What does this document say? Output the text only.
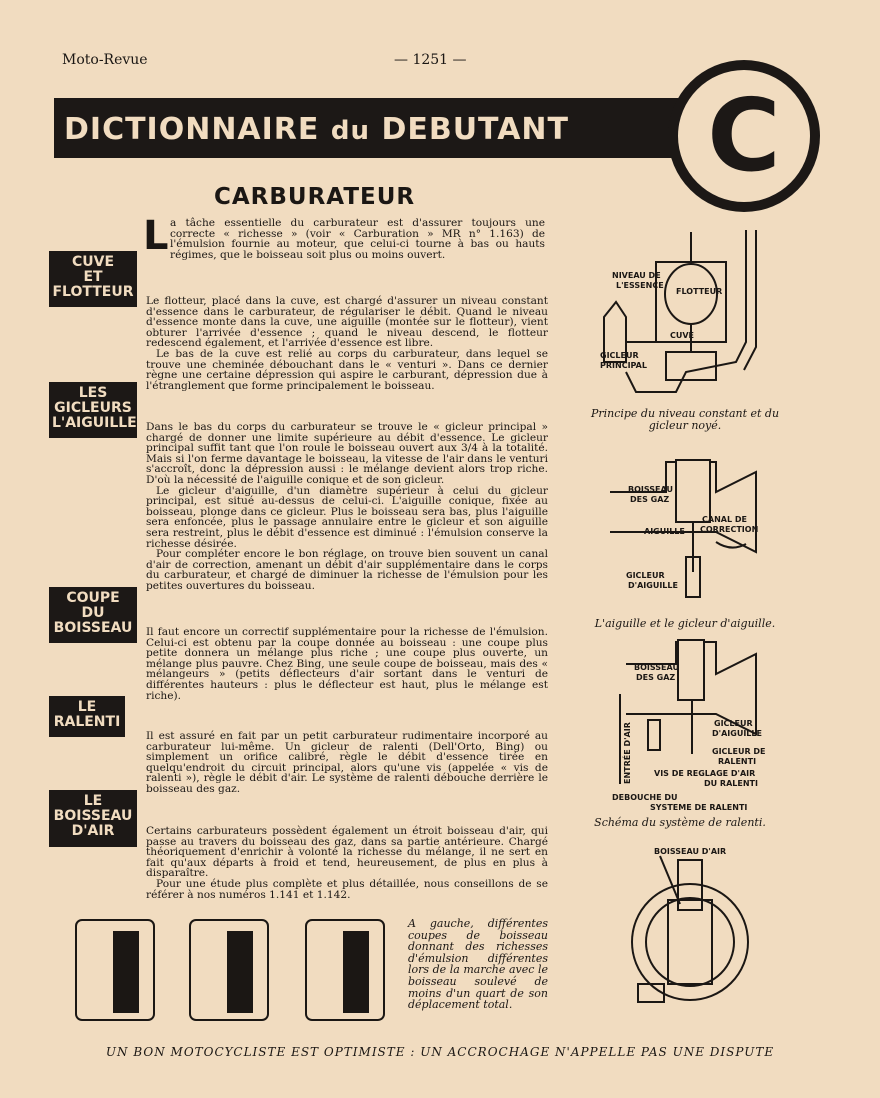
Moto-Revue	— 1251 —
DICTIONNAIRE du DEBUTANT C
CARBURATEUR
L a tâche essentielle du carburateur est d'assurer toujours une correcte « richesse » (voir « Carburation » MR n° 1.163) de l'émulsion fournie au moteur, que celui-ci tourne à bas ou hauts régimes, que le boisseau soit plus ou moins ouvert.

CUVE
ET
FLOTTEUR
LES
GICLEURS
L'AIGUILLE
COUPE
DU
BOISSEAU
LE
RALENTI
LE
BOISSEAU
D'AIR

Le flotteur, placé dans la cuve, est chargé d'assurer un niveau constant d'essence dans le carburateur, de régulariser le débit. Quand le niveau d'essence monte dans la cuve, une aiguille (montée sur le flotteur), vient obturer l'arrivée d'essence ; quand le niveau descend, le flotteur redescend également, et l'arrivée d'essence est libre.

Le bas de la cuve est relié au corps du carburateur, dans lequel se trouve une cheminée débouchant dans le « venturi ». Dans ce dernier règne une certaine dépression qui aspire le carburant, dépression due à l'étranglement que forme principalement le boisseau.

Dans le bas du corps du carburateur se trouve le « gicleur principal » chargé de donner une limite supérieure au débit d'essence. Le gicleur principal suffit tant que l'on roule le boisseau ouvert aux 3/4 à la totalité. Mais si l'on ferme davantage le boisseau, la vitesse de l'air dans le venturi s'accroît, donc la dépression aussi : le mélange devient alors trop riche. D'où la nécessité de l'aiguille conique et de son gicleur.

Le gicleur d'aiguille, d'un diamètre supérieur à celui du gicleur principal, est situé au-dessus de celui-ci. L'aiguille conique, fixée au boisseau, plonge dans ce gicleur. Plus le boisseau sera bas, plus l'aiguille sera enfoncée, plus le passage annulaire entre le gicleur et son aiguille sera restreint, plus le débit d'essence est diminué : l'émulsion conserve la richesse désirée.

Pour compléter encore le bon réglage, on trouve bien souvent un canal d'air de correction, amenant un débit d'air supplémentaire dans le corps du carburateur, et chargé de diminuer la richesse de l'émulsion pour les petites ouvertures du boisseau.

Il faut encore un correctif supplémentaire pour la richesse de l'émulsion. Celui-ci est obtenu par la coupe donnée au boisseau : une coupe plus petite donnera un mélange plus riche ; une coupe plus ouverte, un mélange plus pauvre. Chez Bing, une seule coupe de boisseau, mais des « mélangeurs » (petits déflecteurs d'air sortant dans le venturi de différentes hauteurs : plus le déflecteur est haut, plus le mélange est riche).

Il est assuré en fait par un petit carburateur rudimentaire incorporé au carburateur lui-même. Un gicleur de ralenti (Dell'Orto, Bing) ou simplement un orifice calibré, règle le débit d'essence tirée en quelqu'endroit du circuit principal, alors qu'une vis (appelée « vis de ralenti »), règle le débit d'air. Le système de ralenti débouche derrière le boisseau des gaz.

Certains carburateurs possèdent également un étroit boisseau d'air, qui passe au travers du boisseau des gaz, dans sa partie antérieure. Chargé théoriquement d'enrichir à volonté la richesse du mélange, il ne sert en fait qu'aux départs à froid et tend, heureusement, de plus en plus à disparaître.

Pour une étude plus complète et plus détaillée, nous conseillons de se référer à nos numéros 1.141 et 1.142.

NIVEAU DE
L'ESSENCE
FLOTTEUR
CUVE
GICLEUR
PRINCIPAL
Principe du niveau constant et du gicleur noyé.
BOISSEAU
DES GAZ
AIGUILLE
CANAL DE
CORRECTION
GICLEUR
D'AIGUILLE
L'aiguille et le gicleur d'aiguille.
BOISSEAU
DES GAZ
ENTRÉE D'AIR	GICLEUR
D'AIGUILLE
GICLEUR DE
RALENTI
VIS DE REGLAGE D'AIR
DU RALENTI
DEBOUCHE DU
SYSTEME DE RALENTI
Schéma du système de ralenti.
BOISSEAU D'AIR
A gauche, différentes coupes de boisseau donnant des richesses d'émulsion différentes lors de la marche avec le boisseau soulevé de moins d'un quart de son déplacement total.
UN BON MOTOCYCLISTE EST OPTIMISTE : UN ACCROCHAGE N'APPELLE PAS UNE DISPUTE
